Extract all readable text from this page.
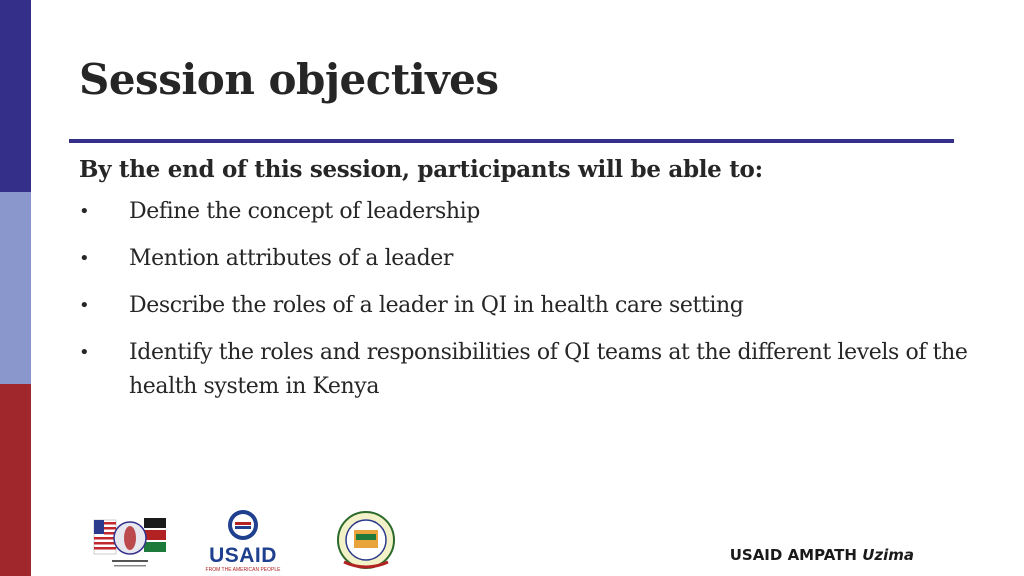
Session objectives

By the end of this session, participants will be able to:

• Define the concept of leadership
• Mention attributes of a leader
• Describe the roles of a leader in QI in health care setting
• Identify the roles and responsibilities of QI teams at the different levels of the health system in Kenya
USAID
FROM THE AMERICAN PEOPLE
USAID AMPATH Uzima
